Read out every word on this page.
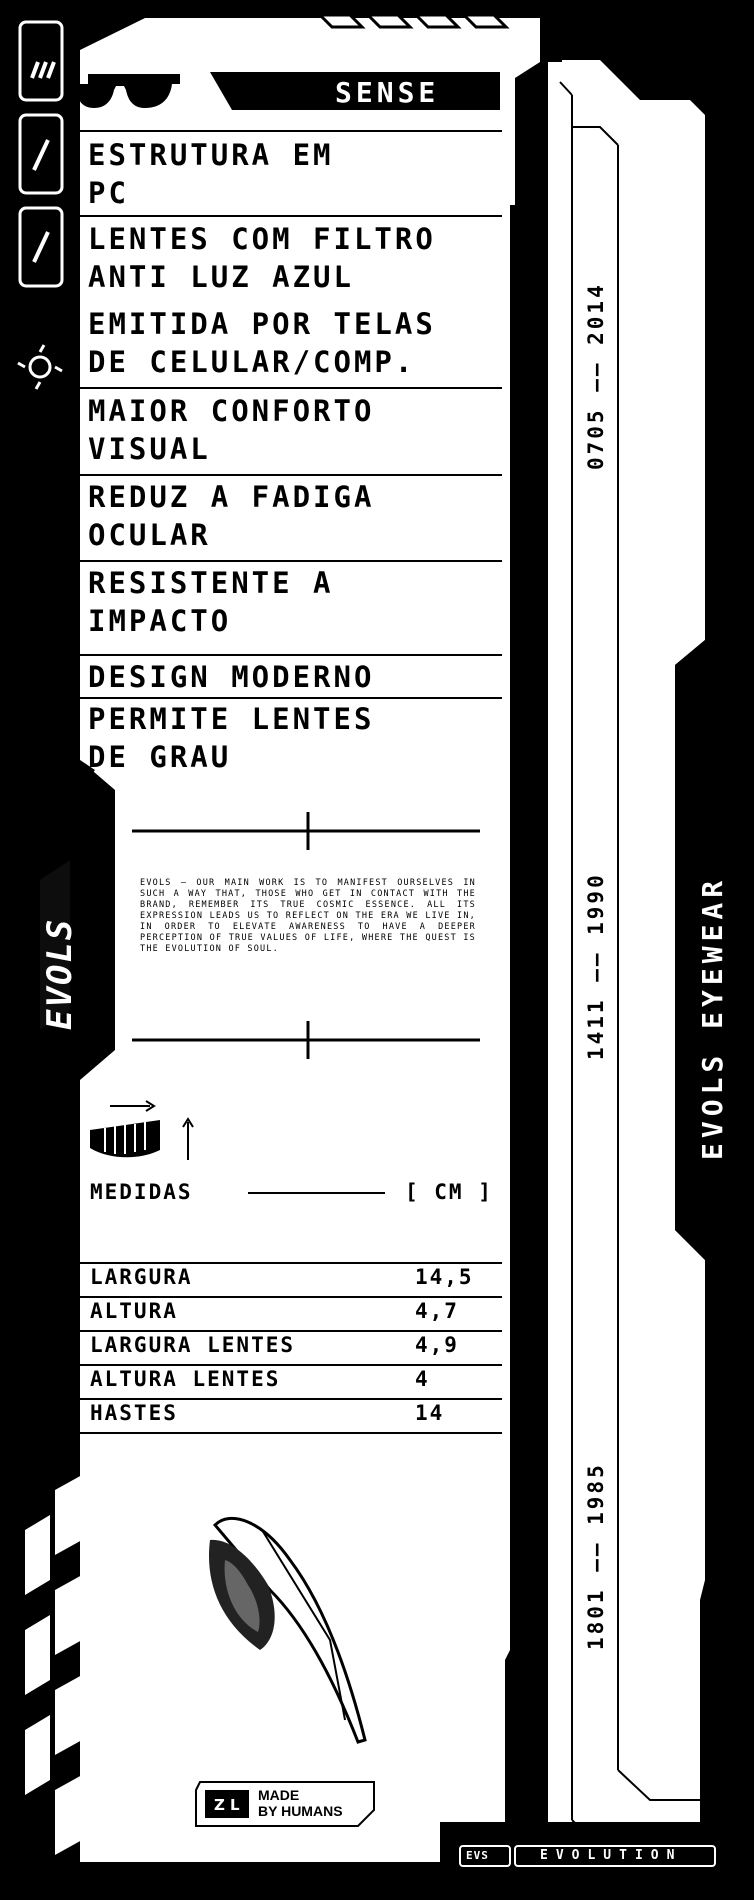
Z L
SENSE
ESTRUTURA EM
PC
LENTES COM FILTRO
ANTI LUZ AZUL
EMITIDA POR TELAS
DE CELULAR/COMP.
MAIOR CONFORTO
VISUAL
REDUZ A FADIGA
OCULAR
RESISTENTE A
IMPACTO
DESIGN MODERNO
PERMITE LENTES
DE GRAU
EVOLS — OUR MAIN WORK IS TO MANIFEST OURSELVES IN SUCH A WAY THAT, THOSE WHO GET IN CONTACT WITH THE BRAND, REMEMBER ITS TRUE COSMIC ESSENCE. ALL ITS EXPRESSION LEADS US TO REFLECT ON THE ERA WE LIVE IN, IN ORDER TO ELEVATE AWARENESS TO HAVE A DEEPER PERCEPTION OF TRUE VALUES OF LIFE, WHERE THE QUEST IS THE EVOLUTION OF SOUL.
MEDIDAS	[ CM ]
LARGURA	14,5
ALTURA	4,7
LARGURA LENTES	4,9
ALTURA LENTES	4
HASTES	14
0705 —— 2014
1411 —— 1990
1801 —— 1985
EVOLS EYEWEAR
EVOLS
MADE
BY HUMANS
EVS	EVOLUTION
